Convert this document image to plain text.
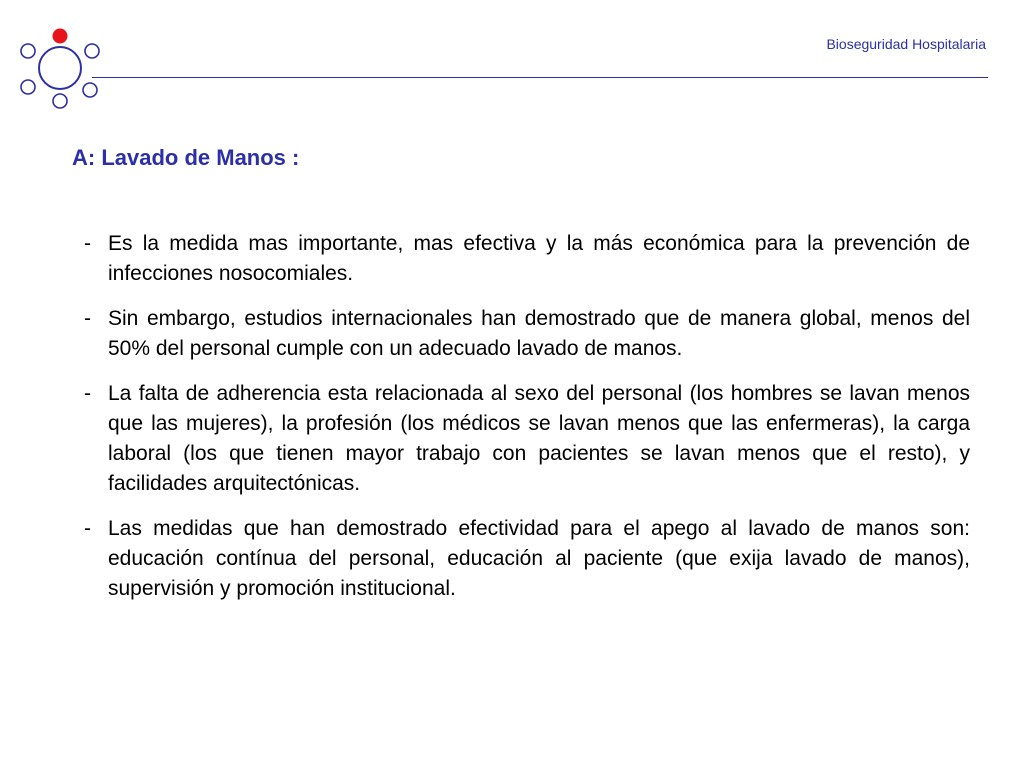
Bioseguridad Hospitalaria
A: Lavado de Manos :
- Es la medida mas importante, mas efectiva y la más económica para la prevención de infecciones nosocomiales.
- Sin embargo, estudios internacionales han demostrado que de manera global, menos del 50% del personal cumple con un adecuado lavado de manos.
- La falta de adherencia esta relacionada al sexo del personal (los hombres se lavan menos que las mujeres), la profesión (los médicos se lavan menos que las enfermeras), la carga laboral (los que tienen mayor trabajo con pacientes se lavan menos que el resto), y facilidades arquitectónicas.
- Las medidas que han demostrado efectividad para el apego al lavado de manos son: educación contínua del personal, educación al paciente (que exija lavado de manos), supervisión y promoción institucional.
